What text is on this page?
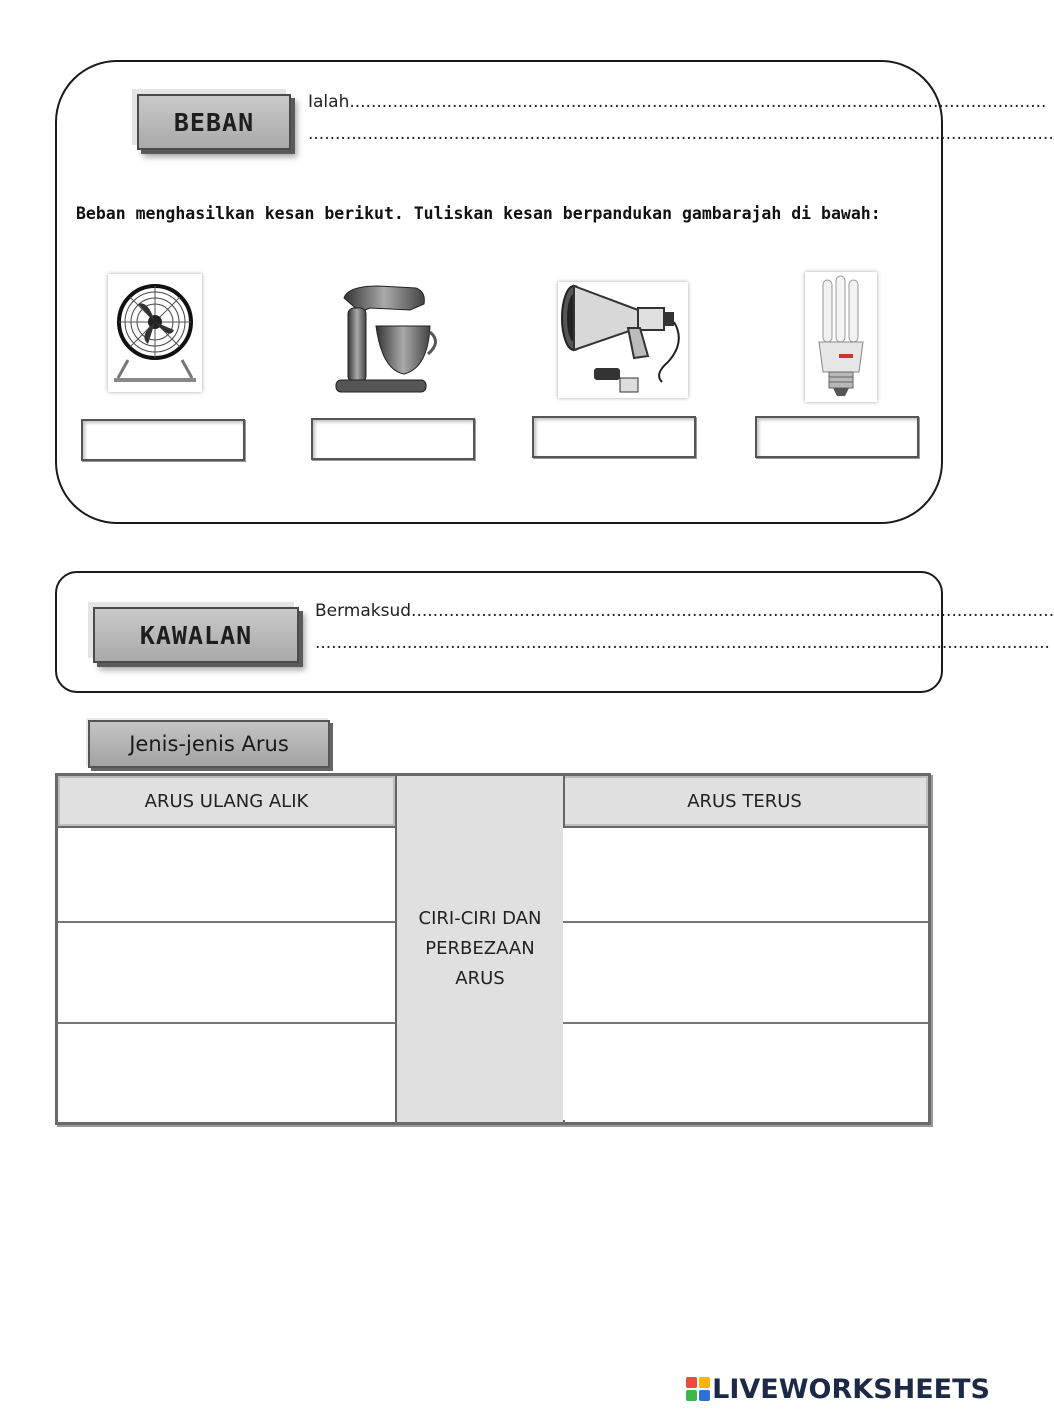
BEBAN
Ialah.................................................................................................................................
..........................................................................................................................................
Beban menghasilkan kesan berikut. Tuliskan kesan berpandukan gambarajah di bawah:
KAWALAN
Bermaksud.......................................................................................................................
........................................................................................................................................
Jenis-jenis Arus
ARUS ULANG ALIK	ARUS TERUS
CIRI-CIRI DAN
PERBEZAAN
ARUS
LIVEWORKSHEETS
